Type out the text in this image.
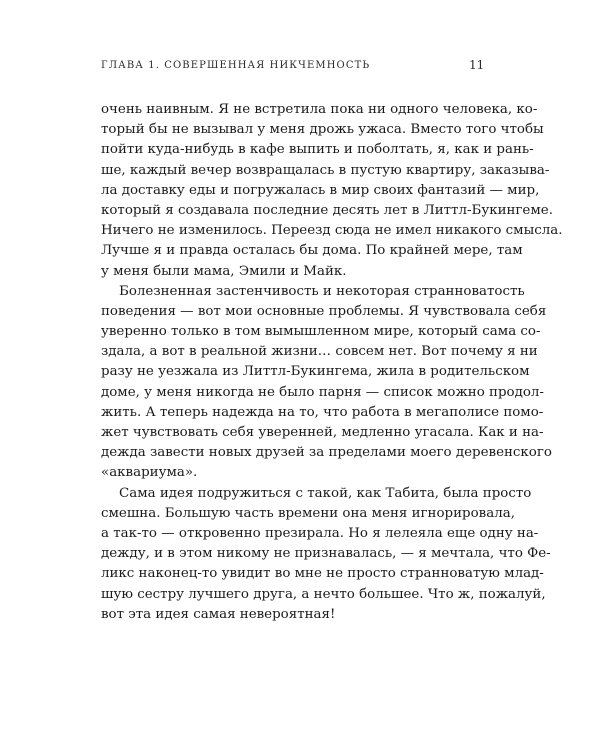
ГЛАВА 1. СОВЕРШЕННАЯ НИКЧЕМНОСТЬ	11
очень наивным. Я не встретила пока ни одного человека, ко-
торый бы не вызывал у меня дрожь ужаса. Вместо того чтобы
пойти куда-нибудь в кафе выпить и поболтать, я, как и рань-
ше, каждый вечер возвращалась в пустую квартиру, заказыва-
ла доставку еды и погружалась в мир своих фантазий — мир,
который я создавала последние десять лет в Литтл-Букингеме.
Ничего не изменилось. Переезд сюда не имел никакого смысла.
Лучше я и правда осталась бы дома. По крайней мере, там
у меня были мама, Эмили и Майк.
Болезненная застенчивость и некоторая странноватость
поведения — вот мои основные проблемы. Я чувствовала себя
уверенно только в том вымышленном мире, который сама со-
здала, а вот в реальной жизни… совсем нет. Вот почему я ни
разу не уезжала из Литтл-Букингема, жила в родительском
доме, у меня никогда не было парня — список можно продол-
жить. А теперь надежда на то, что работа в мегаполисе помо-
жет чувствовать себя увереннeй, медленно угасала. Как и на-
дежда завести новых друзей за пределами моего деревенского
«аквариума».
Сама идея подружиться с такой, как Табита, была просто
смешна. Большую часть времени она меня игнорировала,
а так-то — откровенно презирала. Но я лелеяла еще одну на-
дежду, и в этом никому не признавалась, — я мечтала, что Фе-
ликс наконец-то увидит во мне не просто странноватую млад-
шую сестру лучшего друга, а нечто большее. Что ж, пожалуй,
вот эта идея самая невероятная!
